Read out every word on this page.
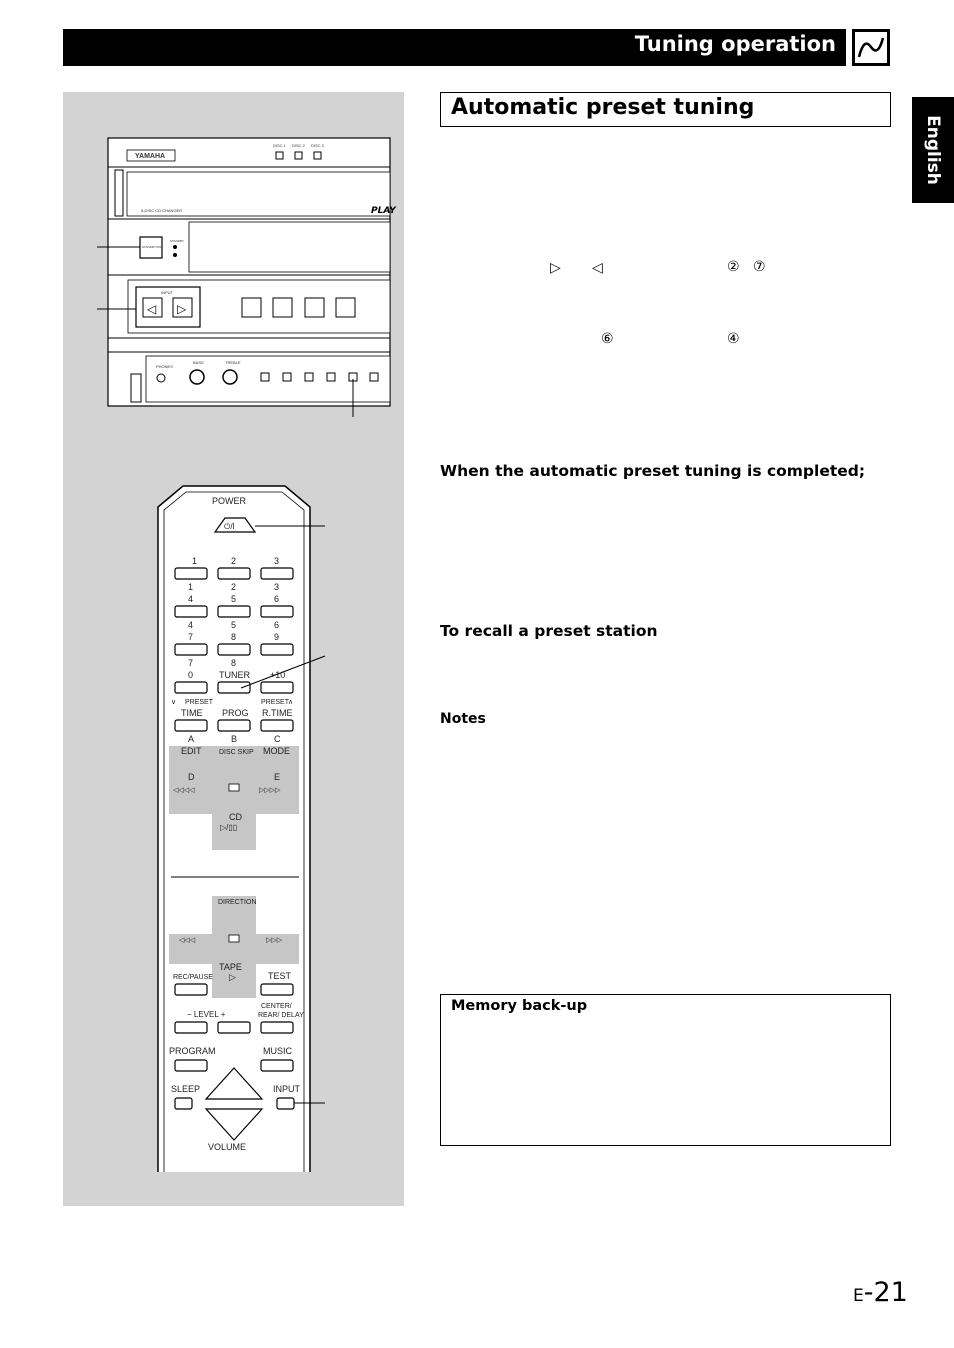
Tuning operation
English
YAMAHA
DISC 1 DISC 2 DISC 3
5-DISC CD CHANGER	PLAY
STANDBY/ON
STANDBY
INPUT
◁ ▷
PHONES
BASS	TREBLE
POWER
⏻/I
1	2	3
1	2	3
4	5	6
4	5	6
7	8	9
7	8
0	TUNER +10
∨ PRESET	PRESET
∧
TIME PROG R.TIME
A	B	C
EDIT DISC SKIP MODE
D	E
◁◁◁◁	▷▷▷▷
CD
▷/▯▯
DIRECTION
◁◁◁	▷▷▷
TAPE
▷
REC/PAUSE	TEST
− LEVEL +
CENTER/
REAR/ DELAY
PROGRAM	MUSIC
SLEEP	INPUT
VOLUME
Automatic preset tuning
▷ ◁	② ⑦
⑥	④
When the automatic preset tuning is completed;
To recall a preset station
Notes
Memory back-up
E-21
